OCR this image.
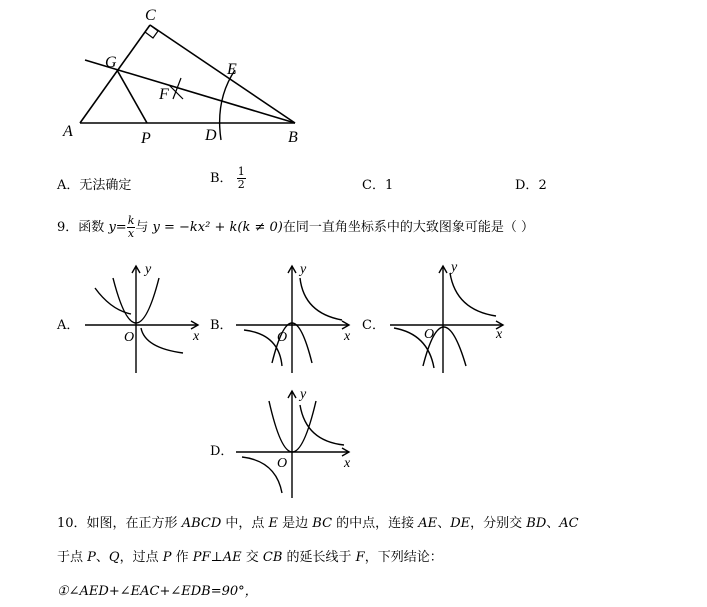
C
G	E
F
A	P	D	B
A．无法确定	B． $\frac{1}{2}$	C．1	D．2
9．函数 $y= \frac{k}{x}$ 与 y = −kx² + k(k ≠ 0)在同一直角坐标系中的大致图象可能是（ ）
A．
y
x
O
B．
y
x
O
C．
y
x
O
D．
y
x
O
10．如图，在正方形 ABCD 中，点 E 是边 BC 的中点，连接 AE、DE，分别交 BD、AC
于点 P、Q，过点 P 作 PF⊥AE 交 CB 的延长线于 F，下列结论：
①∠AED+∠EAC+∠EDB=90°，
